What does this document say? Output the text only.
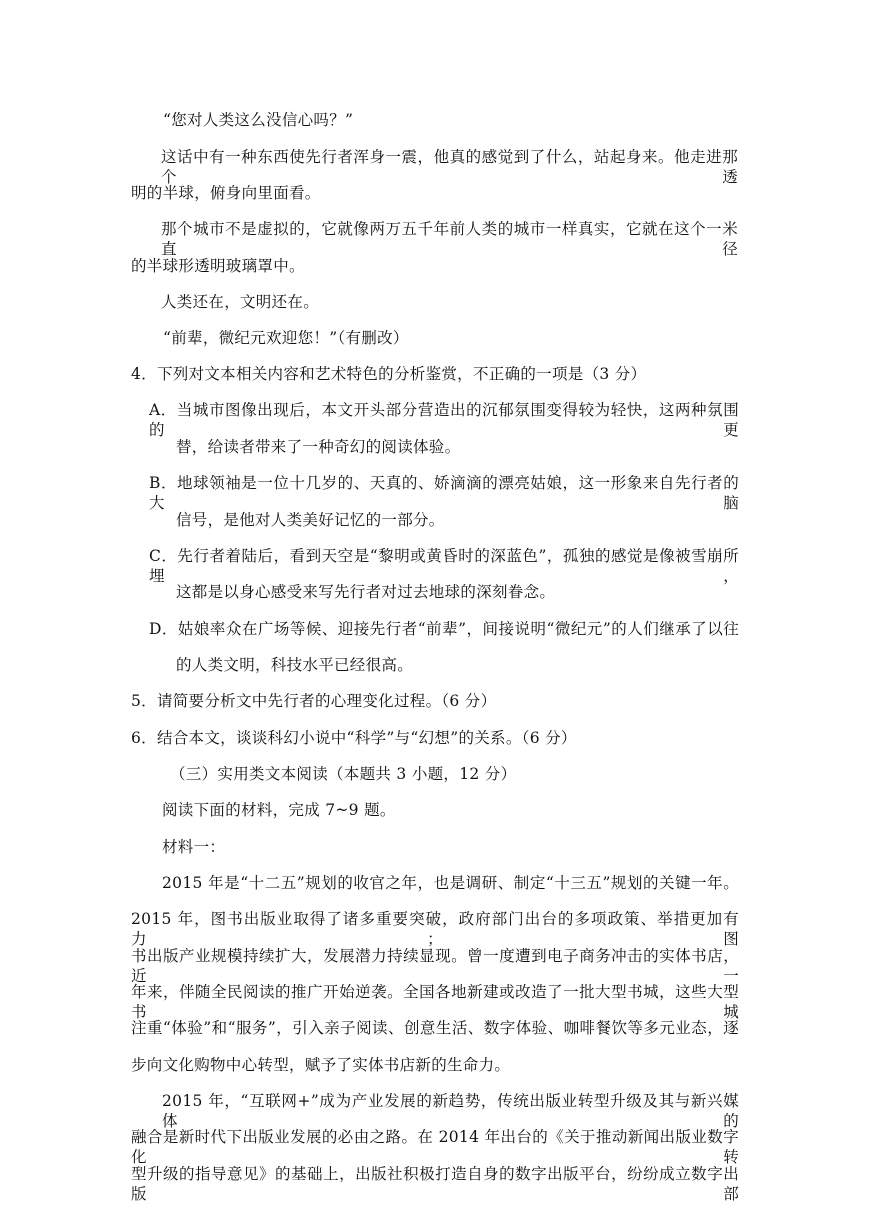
“您对人类这么没信心吗？”
这话中有一种东西使先行者浑身一震，他真的感觉到了什么，站起身来。他走进那个透
明的半球，俯身向里面看。
那个城市不是虚拟的，它就像两万五千年前人类的城市一样真实，它就在这个一米直径
的半球形透明玻璃罩中。
人类还在，文明还在。
“前辈，微纪元欢迎您！”（有删改）
4．下列对文本相关内容和艺术特色的分析鉴赏，不正确的一项是（3 分）
A．当城市图像出现后，本文开头部分营造出的沉郁氛围变得较为轻快，这两种氛围的更
替，给读者带来了一种奇幻的阅读体验。
B．地球领袖是一位十几岁的、天真的、娇滴滴的漂亮姑娘，这一形象来自先行者的大脑
信号，是他对人类美好记忆的一部分。
C．先行者着陆后，看到天空是“黎明或黄昏时的深蓝色”，孤独的感觉是像被雪崩所埋，
这都是以身心感受来写先行者对过去地球的深刻眷念。
D．姑娘率众在广场等候、迎接先行者“前辈”，间接说明“微纪元”的人们继承了以往
的人类文明，科技水平已经很高。
5．请简要分析文中先行者的心理变化过程。（6 分）
6．结合本文，谈谈科幻小说中“科学”与“幻想”的关系。（6 分）
（三）实用类文本阅读（本题共 3 小题，12 分）
阅读下面的材料，完成 7~9 题。
材料一：
2015 年是“十二五”规划的收官之年，也是调研、制定“十三五”规划的关键一年。
2015 年，图书出版业取得了诸多重要突破，政府部门出台的多项政策、举措更加有力；图
书出版产业规模持续扩大，发展潜力持续显现。曾一度遭到电子商务冲击的实体书店，近一
年来，伴随全民阅读的推广开始逆袭。全国各地新建或改造了一批大型书城，这些大型书城
注重“体验”和“服务”，引入亲子阅读、创意生活、数字体验、咖啡餐饮等多元业态，逐
步向文化购物中心转型，赋予了实体书店新的生命力。
2015 年，“互联网+”成为产业发展的新趋势，传统出版业转型升级及其与新兴媒体的
融合是新时代下出版业发展的必由之路。在 2014 年出台的《关于推动新闻出版业数字化转
型升级的指导意见》的基础上，出版社积极打造自身的数字出版平台，纷纷成立数字出版部
